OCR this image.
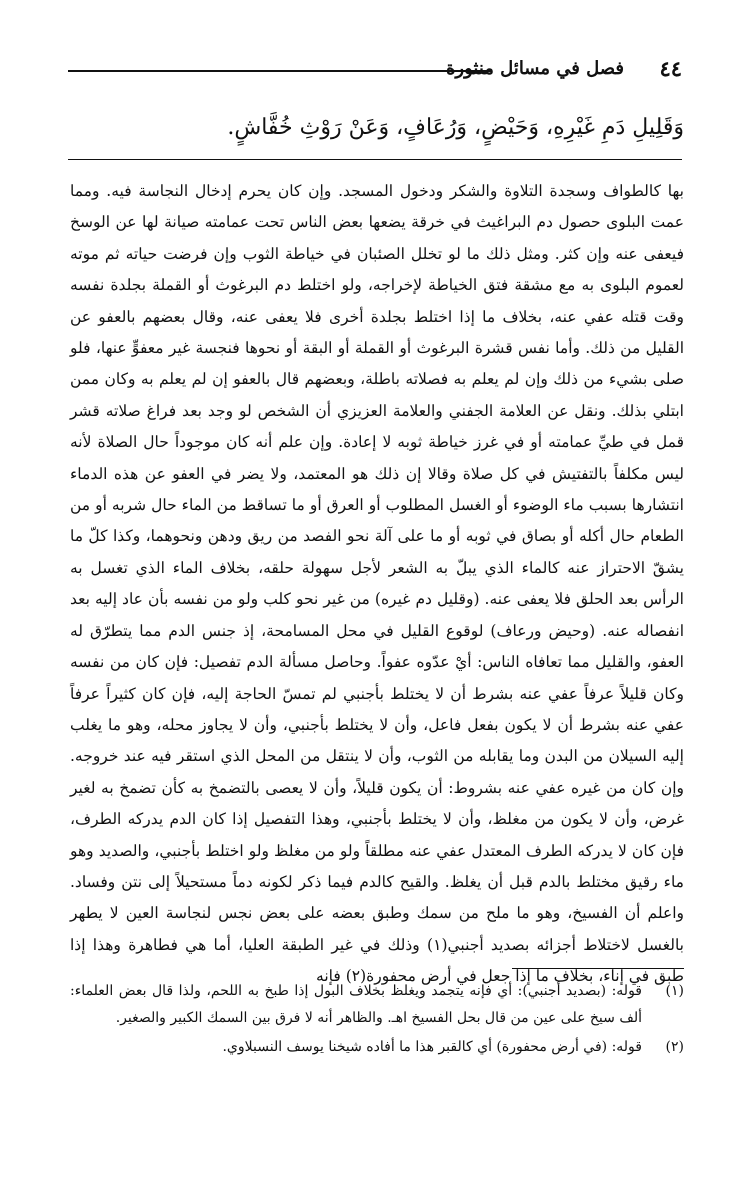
٤٤
فصل في مسائل منثورة
وَقَلِيلِ دَمِ غَيْرِهِ، وَحَيْضٍ، وَرُعَافٍ، وَعَنْ رَوْثِ خُفَّاشٍ.
بها كالطواف وسجدة التلاوة والشكر ودخول المسجد. وإن كان يحرم إدخال النجاسة فيه. ومما عمت البلوى حصول دم البراغيث في خرقة يضعها بعض الناس تحت عمامته صيانة لها عن الوسخ فيعفى عنه وإن كثر. ومثل ذلك ما لو تخلل الصئبان في خياطة الثوب وإن فرضت حياته ثم موته لعموم البلوى به مع مشقة فتق الخياطة لإخراجه، ولو اختلط دم البرغوث أو القملة بجلدة نفسه وقت قتله عفي عنه، بخلاف ما إذا اختلط بجلدة أخرى فلا يعفى عنه، وقال بعضهم بالعفو عن القليل من ذلك. وأما نفس قشرة البرغوث أو القملة أو البقة أو نحوها فنجسة غير معفوٍّ عنها، فلو صلى بشيء من ذلك وإن لم يعلم به فصلاته باطلة، وبعضهم قال بالعفو إن لم يعلم به وكان ممن ابتلي بذلك. ونقل عن العلامة الجفني والعلامة العزيزي أن الشخص لو وجد بعد فراغ صلاته قشر قمل في طيِّ عمامته أو في غرز خياطة ثوبه لا إعادة. وإن علم أنه كان موجوداً حال الصلاة لأنه ليس مكلفاً بالتفتيش في كل صلاة وقالا إن ذلك هو المعتمد، ولا يضر في العفو عن هذه الدماء انتشارها بسبب ماء الوضوء أو الغسل المطلوب أو العرق أو ما تساقط من الماء حال شربه أو من الطعام حال أكله أو بصاق في ثوبه أو ما على آلة نحو الفصد من ريق ودهن ونحوهما، وكذا كلّ ما يشقّ الاحتراز عنه كالماء الذي يبلّ به الشعر لأجل سهولة حلقه، بخلاف الماء الذي تغسل به الرأس بعد الحلق فلا يعفى عنه. (وقليل دم غيره) من غير نحو كلب ولو من نفسه بأن عاد إليه بعد انفصاله عنه. (وحيض ورعاف) لوقوع القليل في محل المسامحة، إذ جنس الدم مما يتطرّق له العفو، والقليل مما تعافاه الناس: أيْ عدّوه عفواً. وحاصل مسألة الدم تفصيل: فإن كان من نفسه وكان قليلاً عرفاً عفي عنه بشرط أن لا يختلط بأجنبي لم تمسّ الحاجة إليه، فإن كان كثيراً عرفاً عفي عنه بشرط أن لا يكون بفعل فاعل، وأن لا يختلط بأجنبي، وأن لا يجاوز محله، وهو ما يغلب إليه السيلان من البدن وما يقابله من الثوب، وأن لا ينتقل من المحل الذي استقر فيه عند خروجه. وإن كان من غيره عفي عنه بشروط: أن يكون قليلاً، وأن لا يعصى بالتضمخ به كأن تضمخ به لغير غرض، وأن لا يكون من مغلظ، وأن لا يختلط بأجنبي، وهذا التفصيل إذا كان الدم يدركه الطرف، فإن كان لا يدركه الطرف المعتدل عفي عنه مطلقاً ولو من مغلظ ولو اختلط بأجنبي، والصديد وهو ماء رقيق مختلط بالدم قبل أن يغلظ. والقيح كالدم فيما ذكر لكونه دماً مستحيلاً إلى نتن وفساد. واعلم أن الفسيخ، وهو ما ملح من سمك وطبق بعضه على بعض نجس لنجاسة العين لا يطهر بالغسل لاختلاط أجزائه بصديد أجنبي(١) وذلك في غير الطبقة العليا، أما هي فطاهرة وهذا إذا طبق في إناء، بخلاف ما إذا جعل في أرض محفورة(٢) فإنه
(١)
قوله: (بصديد أجنبي): أي فإنه يتجمد ويغلظ بخلاف البول إذا طبخ به اللحم، ولذا قال بعض العلماء: ألف سيخ على عين من قال بحل الفسيخ اهـ. والظاهر أنه لا فرق بين السمك الكبير والصغير.
(٢)
قوله: (في أرض محفورة) أي كالقبر هذا ما أفاده شيخنا يوسف النسبلاوي.
